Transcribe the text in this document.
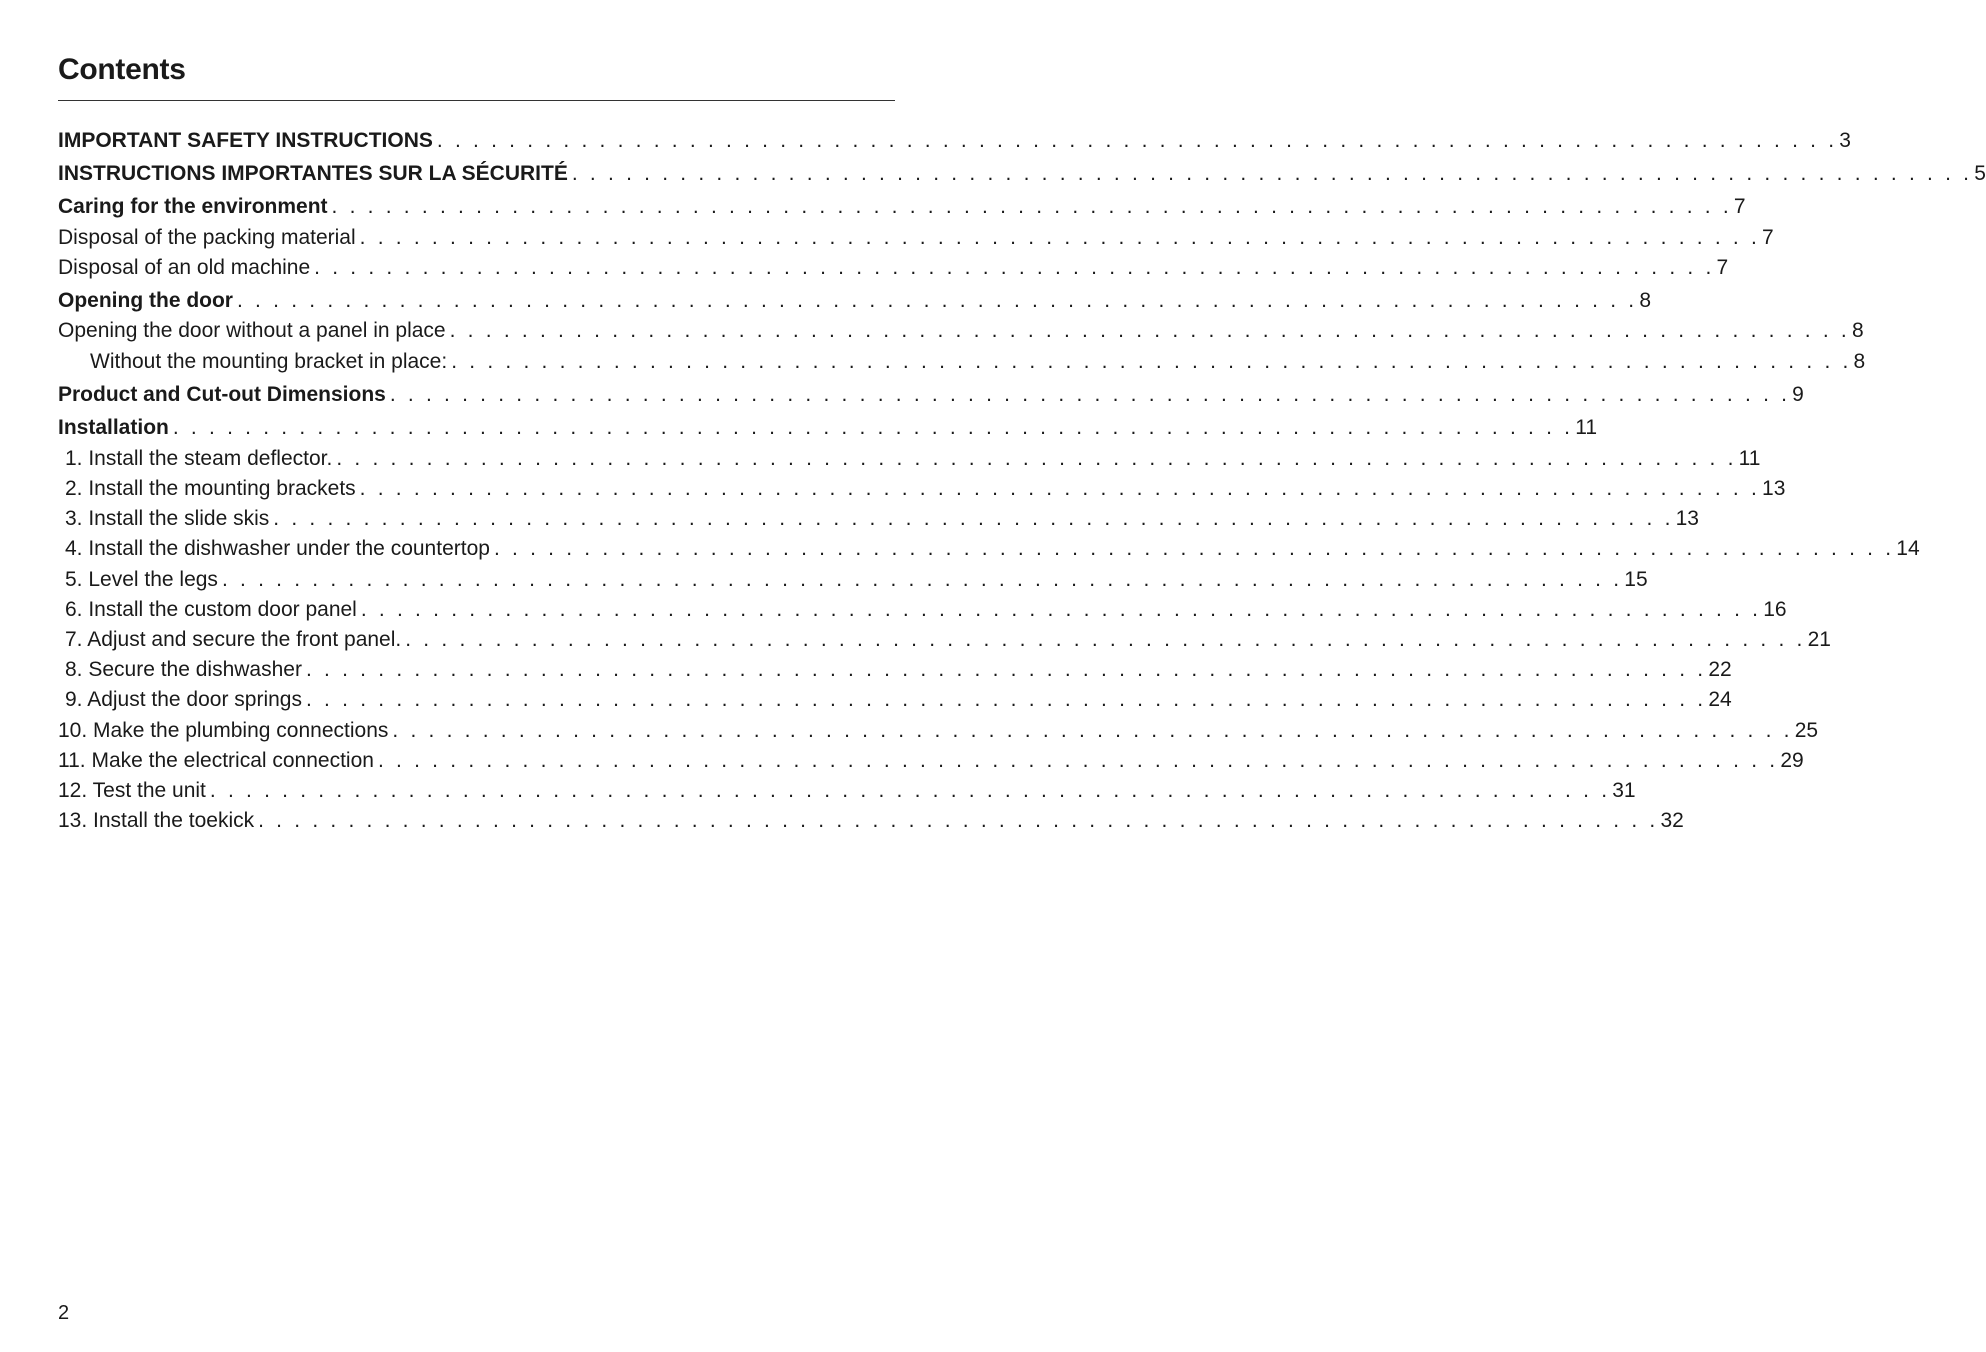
Contents
IMPORTANT SAFETY INSTRUCTIONS . . . . . . . . . . . . . . . . . . . . . . . . . . . . . . . . . . . . . . . . . . . . . . . . . . . . . . . . . . . . . . . . . . . . . . . . . . . . . . 3
INSTRUCTIONS IMPORTANTES SUR LA SÉCURITÉ . . . . . . . . . . . . . . . . . . . . . . . . . . . . . . . . . . . . . . . . . . . . . . . . . . . . . . . . . . . . . . . . . . . . . . . . . . . . . . 5
Caring for the environment . . . . . . . . . . . . . . . . . . . . . . . . . . . . . . . . . . . . . . . . . . . . . . . . . . . . . . . . . . . . . . . . . . . . . . . . . . . . . . 7
Disposal of the packing material . . . . . . . . . . . . . . . . . . . . . . . . . . . . . . . . . . . . . . . . . . . . . . . . . . . . . . . . . . . . . . . . . . . . . . . . . . . . . . 7
Disposal of an old machine . . . . . . . . . . . . . . . . . . . . . . . . . . . . . . . . . . . . . . . . . . . . . . . . . . . . . . . . . . . . . . . . . . . . . . . . . . . . . . 7
Opening the door . . . . . . . . . . . . . . . . . . . . . . . . . . . . . . . . . . . . . . . . . . . . . . . . . . . . . . . . . . . . . . . . . . . . . . . . . . . . . . 8
Opening the door without a panel in place . . . . . . . . . . . . . . . . . . . . . . . . . . . . . . . . . . . . . . . . . . . . . . . . . . . . . . . . . . . . . . . . . . . . . . . . . . . . . . 8
Without the mounting bracket in place: . . . . . . . . . . . . . . . . . . . . . . . . . . . . . . . . . . . . . . . . . . . . . . . . . . . . . . . . . . . . . . . . . . . . . . . . . . . . . . 8
Product and Cut-out Dimensions . . . . . . . . . . . . . . . . . . . . . . . . . . . . . . . . . . . . . . . . . . . . . . . . . . . . . . . . . . . . . . . . . . . . . . . . . . . . . . 9
Installation . . . . . . . . . . . . . . . . . . . . . . . . . . . . . . . . . . . . . . . . . . . . . . . . . . . . . . . . . . . . . . . . . . . . . . . . . . . . . . 11
1. Install the steam deflector. . . . . . . . . . . . . . . . . . . . . . . . . . . . . . . . . . . . . . . . . . . . . . . . . . . . . . . . . . . . . . . . . . . . . . . . . . . . . . . 11
2. Install the mounting brackets . . . . . . . . . . . . . . . . . . . . . . . . . . . . . . . . . . . . . . . . . . . . . . . . . . . . . . . . . . . . . . . . . . . . . . . . . . . . . . 13
3. Install the slide skis . . . . . . . . . . . . . . . . . . . . . . . . . . . . . . . . . . . . . . . . . . . . . . . . . . . . . . . . . . . . . . . . . . . . . . . . . . . . . . 13
4. Install the dishwasher under the countertop . . . . . . . . . . . . . . . . . . . . . . . . . . . . . . . . . . . . . . . . . . . . . . . . . . . . . . . . . . . . . . . . . . . . . . . . . . . . . . 14
5. Level the legs . . . . . . . . . . . . . . . . . . . . . . . . . . . . . . . . . . . . . . . . . . . . . . . . . . . . . . . . . . . . . . . . . . . . . . . . . . . . . . 15
6. Install the custom door panel . . . . . . . . . . . . . . . . . . . . . . . . . . . . . . . . . . . . . . . . . . . . . . . . . . . . . . . . . . . . . . . . . . . . . . . . . . . . . . 16
7. Adjust and secure the front panel. . . . . . . . . . . . . . . . . . . . . . . . . . . . . . . . . . . . . . . . . . . . . . . . . . . . . . . . . . . . . . . . . . . . . . . . . . . . . . . 21
8. Secure the dishwasher . . . . . . . . . . . . . . . . . . . . . . . . . . . . . . . . . . . . . . . . . . . . . . . . . . . . . . . . . . . . . . . . . . . . . . . . . . . . . . 22
9. Adjust the door springs . . . . . . . . . . . . . . . . . . . . . . . . . . . . . . . . . . . . . . . . . . . . . . . . . . . . . . . . . . . . . . . . . . . . . . . . . . . . . . 24
10. Make the plumbing connections . . . . . . . . . . . . . . . . . . . . . . . . . . . . . . . . . . . . . . . . . . . . . . . . . . . . . . . . . . . . . . . . . . . . . . . . . . . . . . 25
11. Make the electrical connection . . . . . . . . . . . . . . . . . . . . . . . . . . . . . . . . . . . . . . . . . . . . . . . . . . . . . . . . . . . . . . . . . . . . . . . . . . . . . . 29
12. Test the unit . . . . . . . . . . . . . . . . . . . . . . . . . . . . . . . . . . . . . . . . . . . . . . . . . . . . . . . . . . . . . . . . . . . . . . . . . . . . . . 31
13. Install the toekick . . . . . . . . . . . . . . . . . . . . . . . . . . . . . . . . . . . . . . . . . . . . . . . . . . . . . . . . . . . . . . . . . . . . . . . . . . . . . . 32
2
